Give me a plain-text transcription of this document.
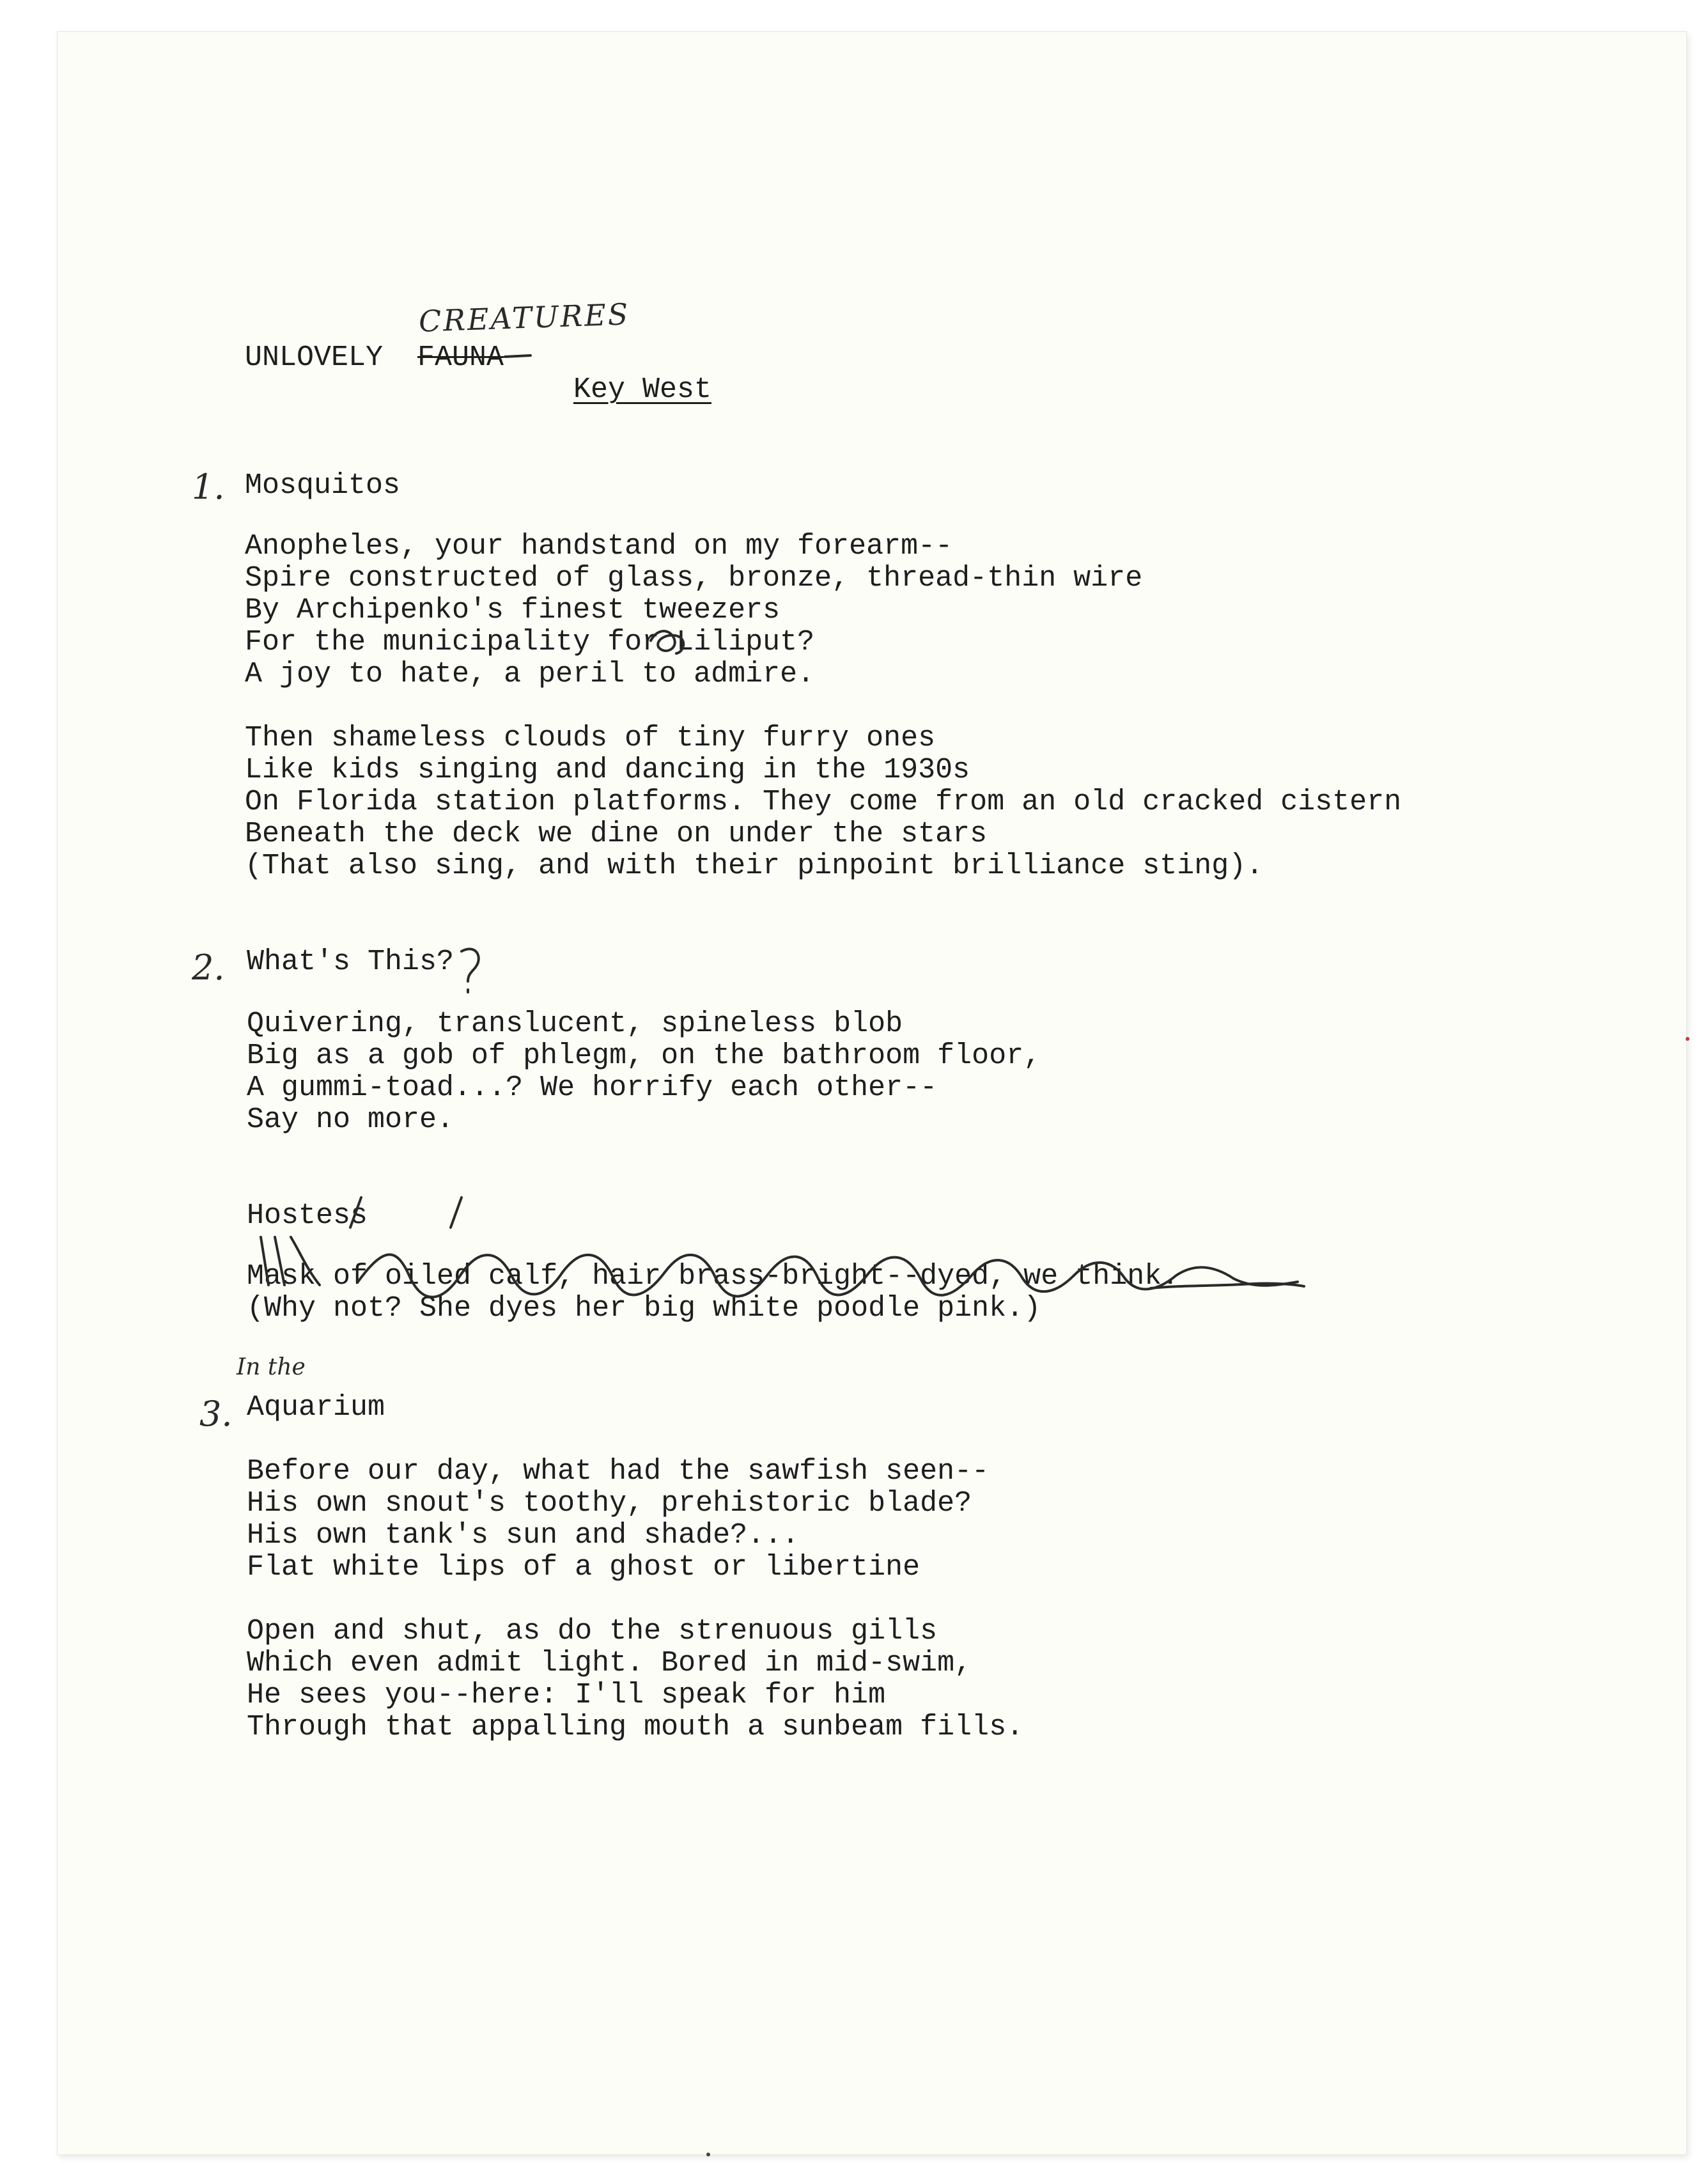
UNLOVELY FAUNA
CREATURES
Key West
1. Mosquitos
Anopheles, your handstand on my forearm--
Spire constructed of glass, bronze, thread-thin wire
By Archipenko's finest tweezers
For the municipality for Liliput?
A joy to hate, a peril to admire.
Then shameless clouds of tiny furry ones
Like kids singing and dancing in the 1930s
On Florida station platforms. They come from an old cracked cistern
Beneath the deck we dine on under the stars
(That also sing, and with their pinpoint brilliance sting).
2. What's This?
Quivering, translucent, spineless blob
Big as a gob of phlegm, on the bathroom floor,
A gummi-toad...? We horrify each other--
Say no more.
Hostess
Mask of oiled calf, hair brass-bright--dyed, we think.
(Why not? She dyes her big white poodle pink.)
In the
3. Aquarium
Before our day, what had the sawfish seen--
His own snout's toothy, prehistoric blade?
His own tank's sun and shade?...
Flat white lips of a ghost or libertine
Open and shut, as do the strenuous gills
Which even admit light. Bored in mid-swim,
He sees you--here: I'll speak for him
Through that appalling mouth a sunbeam fills.
